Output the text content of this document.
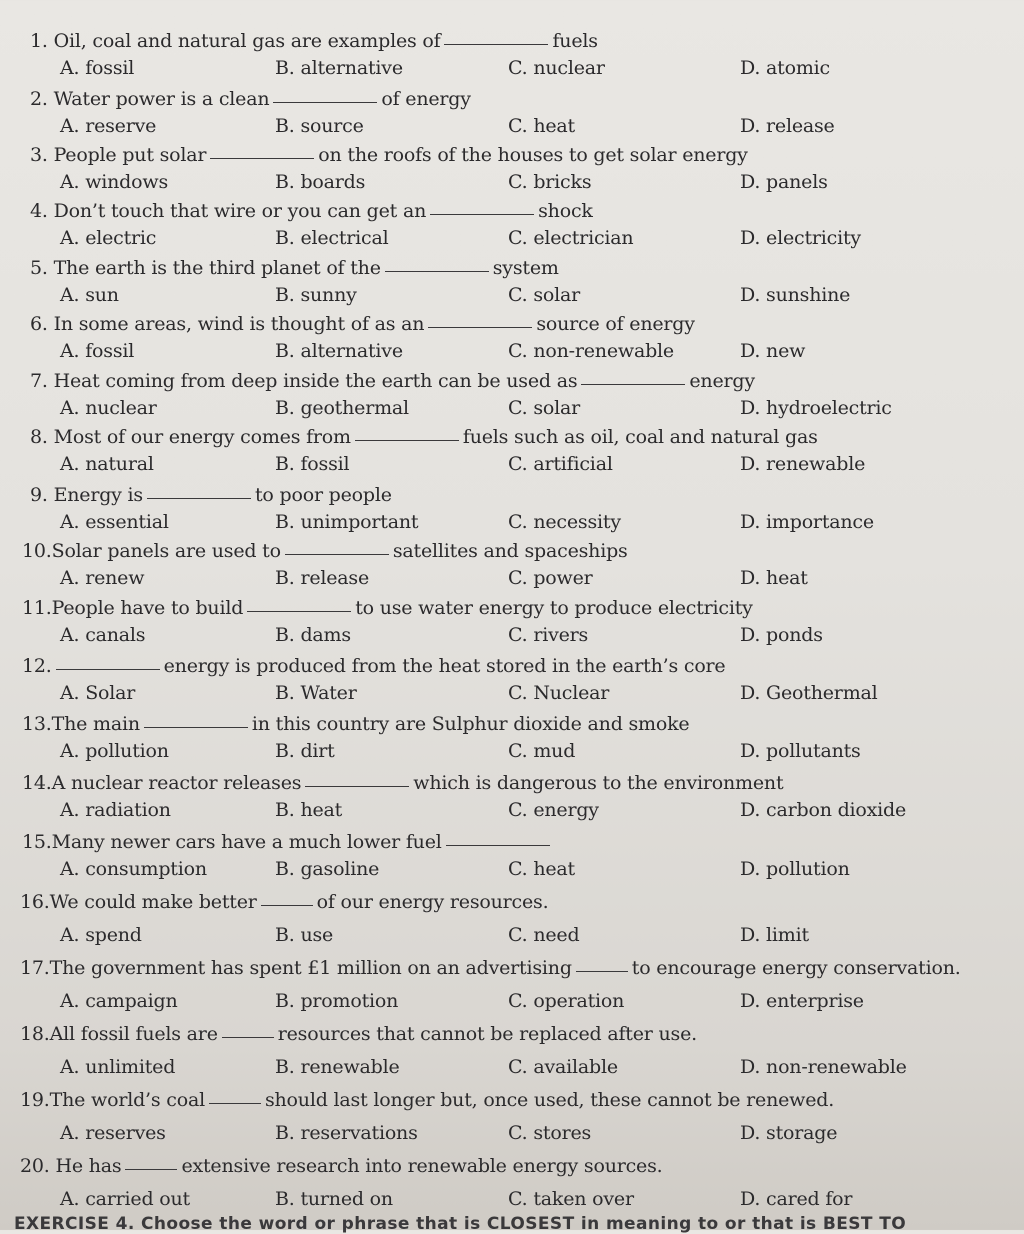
1. Oil, coal and natural gas are examples of	fuels
A. fossil	B. alternative	C. nuclear	D. atomic
2. Water power is a clean	of energy
A. reserve	B. source	C. heat	D. release
3. People put solar	on the roofs of the houses to get solar energy
A. windows	B. boards	C. bricks	D. panels
4. Don’t touch that wire or you can get an	shock
A. electric	B. electrical	C. electrician	D. electricity
5. The earth is the third planet of the	system
A. sun	B. sunny	C. solar	D. sunshine
6. In some areas, wind is thought of as an	source of energy
A. fossil	B. alternative	C. non-renewable	D. new
7. Heat coming from deep inside the earth can be used as	energy
A. nuclear	B. geothermal	C. solar	D. hydroelectric
8. Most of our energy comes from	fuels such as oil, coal and natural gas
A. natural	B. fossil	C. artificial	D. renewable
9. Energy is	to poor people
A. essential	B. unimportant	C. necessity	D. importance
10.Solar panels are used to	satellites and spaceships
A. renew	B. release	C. power	D. heat
11.People have to build	to use water energy to produce electricity
A. canals	B. dams	C. rivers	D. ponds
12.	energy is produced from the heat stored in the earth’s core
A. Solar	B. Water	C. Nuclear	D. Geothermal
13.The main	in this country are Sulphur dioxide and smoke
A. pollution	B. dirt	C. mud	D. pollutants
14.A nuclear reactor releases	which is dangerous to the environment
A. radiation	B. heat	C. energy	D. carbon dioxide
15.Many newer cars have a much lower fuel
A. consumption	B. gasoline	C. heat	D. pollution
16.We could make better	of our energy resources.
A. spend	B. use	C. need	D. limit
17.The government has spent £1 million on an advertising	to encourage energy conservation.
A. campaign	B. promotion	C. operation	D. enterprise
18.All fossil fuels are	resources that cannot be replaced after use.
A. unlimited	B. renewable	C. available	D. non-renewable
19.The world’s coal	should last longer but, once used, these cannot be renewed.
A. reserves	B. reservations	C. stores	D. storage
20. He has	extensive research into renewable energy sources.
A. carried out	B. turned on	C. taken over	D. cared for
EXERCISE 4. Choose the word or phrase that is CLOSEST in meaning to or that is BEST TO
